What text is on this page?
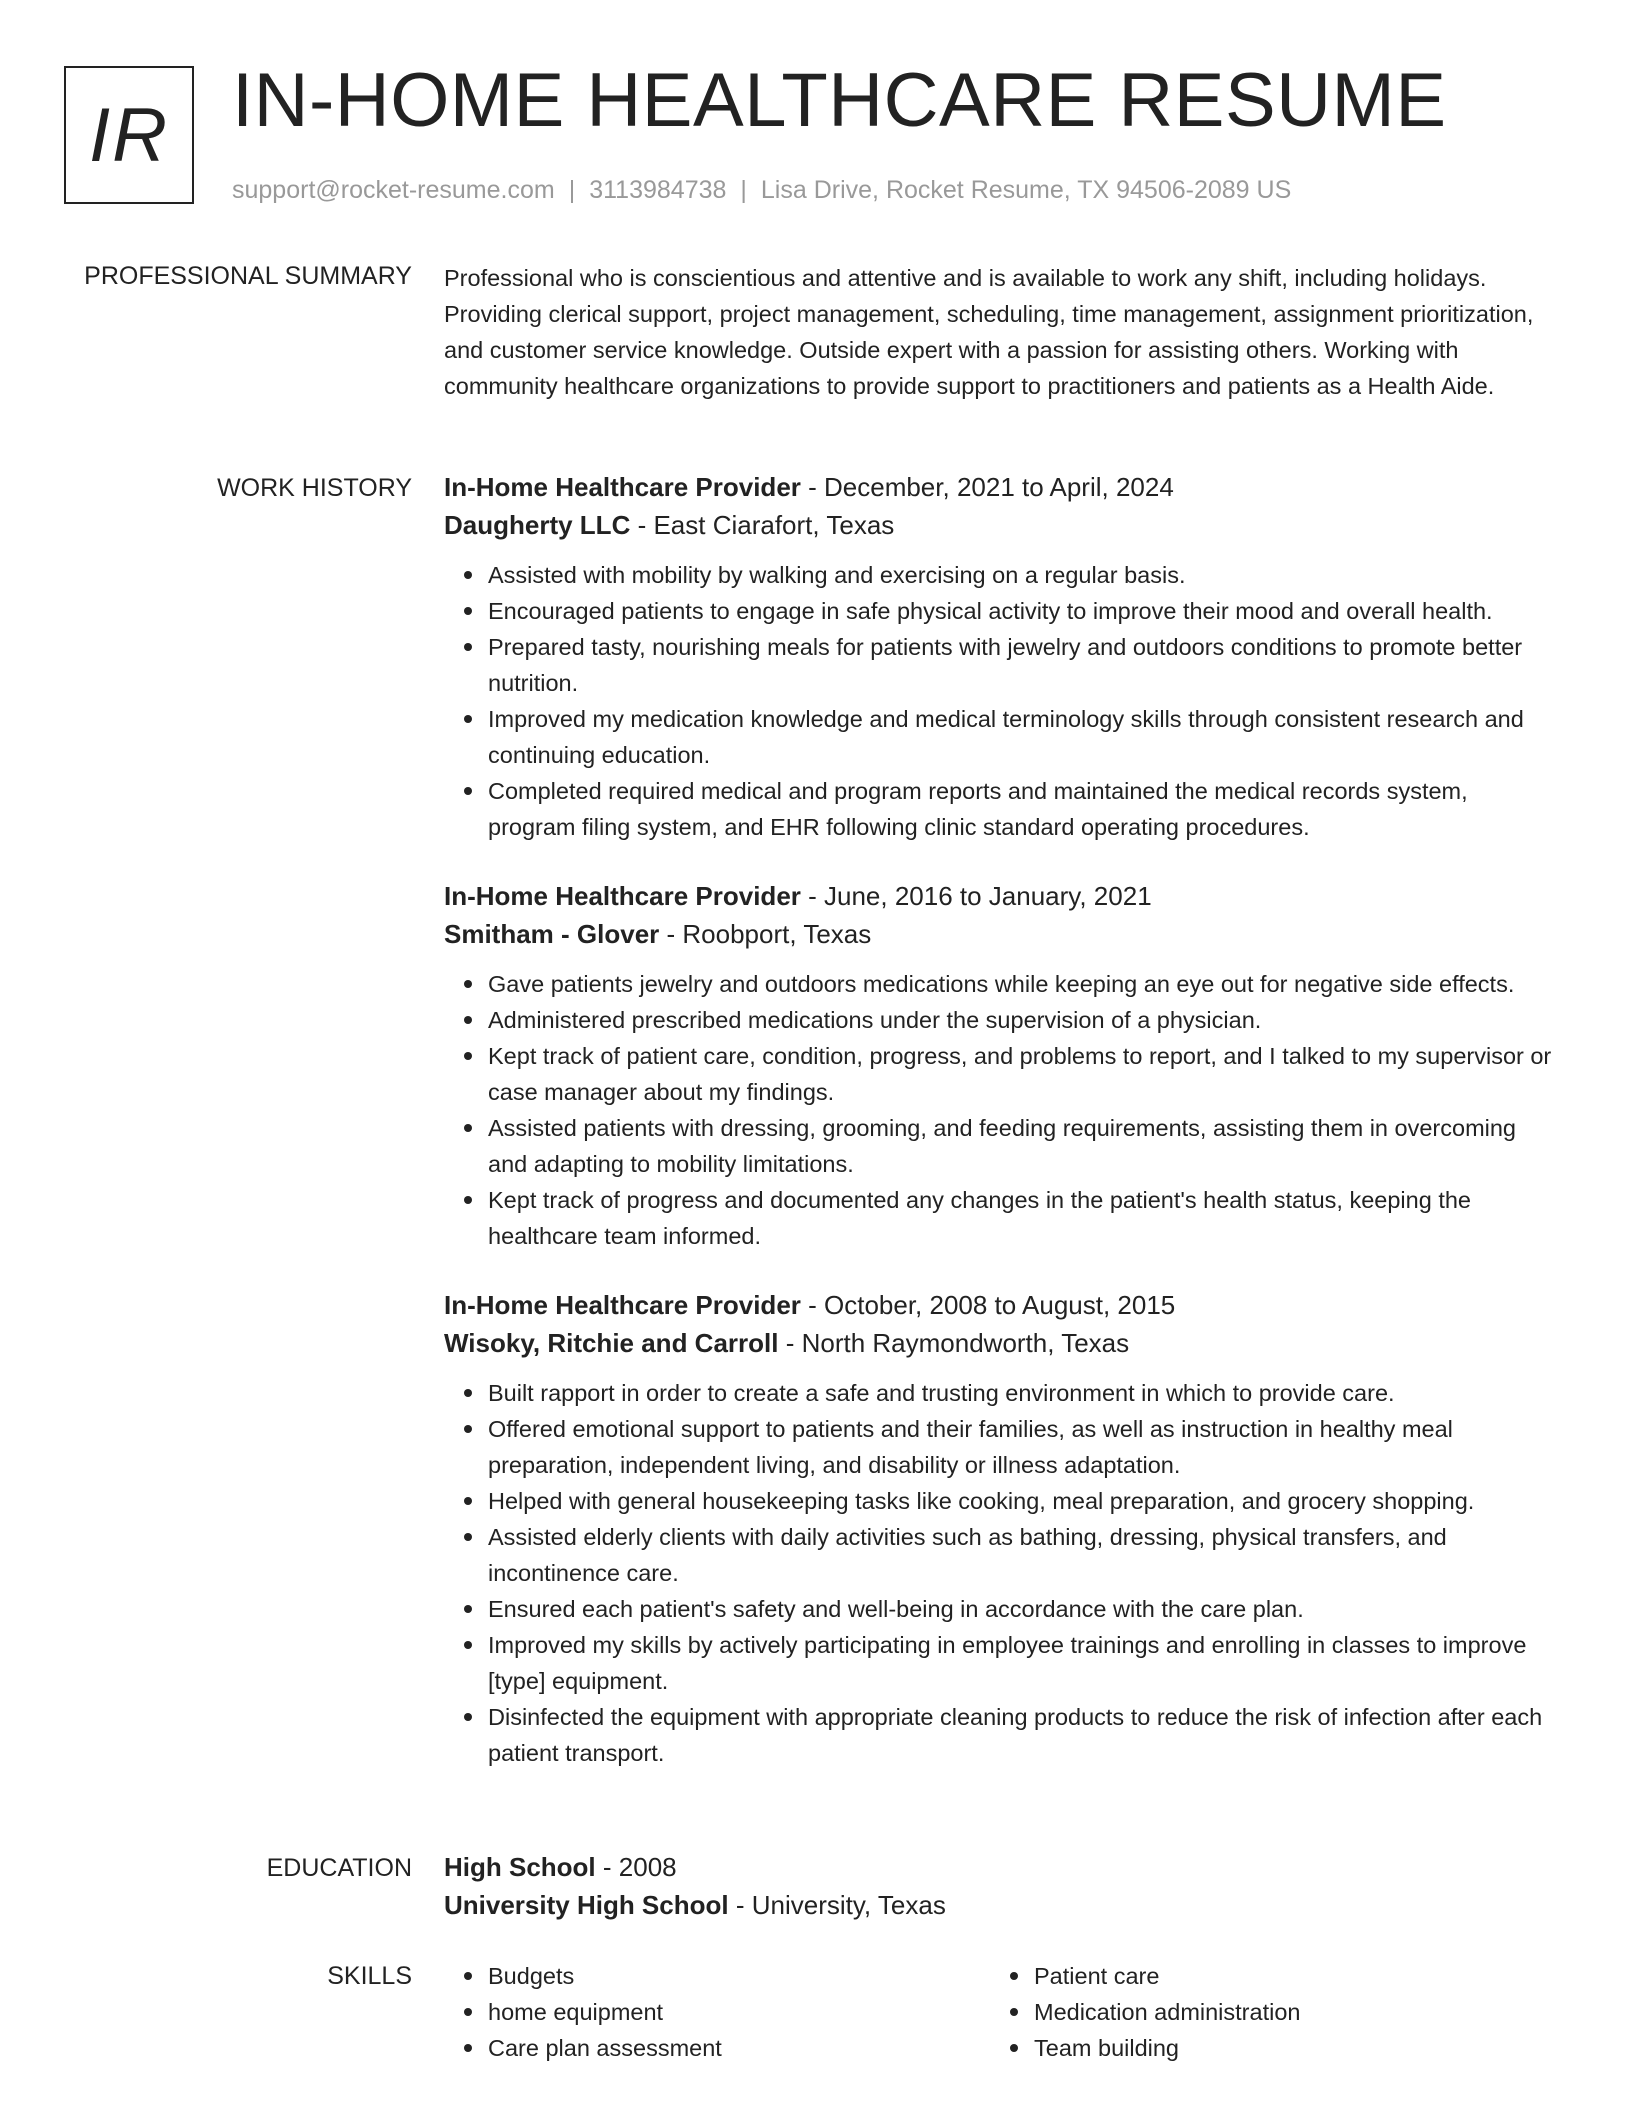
IR IN-HOME HEALTHCARE RESUME
support@rocket-resume.com | 3113984738 | Lisa Drive, Rocket Resume, TX 94506-2089 US
PROFESSIONAL SUMMARY Professional who is conscientious and attentive and is available to work any shift, including holidays. Providing clerical support, project management, scheduling, time management, assignment prioritization, and customer service knowledge. Outside expert with a passion for assisting others. Working with community healthcare organizations to provide support to practitioners and patients as a Health Aide.
WORK HISTORY In-Home Healthcare Provider - December, 2021 to April, 2024
Daugherty LLC - East Ciarafort, Texas
Assisted with mobility by walking and exercising on a regular basis.
Encouraged patients to engage in safe physical activity to improve their mood and overall health.
Prepared tasty, nourishing meals for patients with jewelry and outdoors conditions to promote better nutrition.
Improved my medication knowledge and medical terminology skills through consistent research and continuing education.
Completed required medical and program reports and maintained the medical records system, program filing system, and EHR following clinic standard operating procedures.
In-Home Healthcare Provider - June, 2016 to January, 2021
Smitham - Glover - Roobport, Texas
Gave patients jewelry and outdoors medications while keeping an eye out for negative side effects.
Administered prescribed medications under the supervision of a physician.
Kept track of patient care, condition, progress, and problems to report, and I talked to my supervisor or case manager about my findings.
Assisted patients with dressing, grooming, and feeding requirements, assisting them in overcoming and adapting to mobility limitations.
Kept track of progress and documented any changes in the patient's health status, keeping the healthcare team informed.
In-Home Healthcare Provider - October, 2008 to August, 2015
Wisoky, Ritchie and Carroll - North Raymondworth, Texas
Built rapport in order to create a safe and trusting environment in which to provide care.
Offered emotional support to patients and their families, as well as instruction in healthy meal preparation, independent living, and disability or illness adaptation.
Helped with general housekeeping tasks like cooking, meal preparation, and grocery shopping.
Assisted elderly clients with daily activities such as bathing, dressing, physical transfers, and incontinence care.
Ensured each patient's safety and well-being in accordance with the care plan.
Improved my skills by actively participating in employee trainings and enrolling in classes to improve [type] equipment.
Disinfected the equipment with appropriate cleaning products to reduce the risk of infection after each patient transport.
EDUCATION High School - 2008
University High School - University, Texas
SKILLS	Budgets
home equipment
Care plan assessment
Patient care
Medication administration
Team building
